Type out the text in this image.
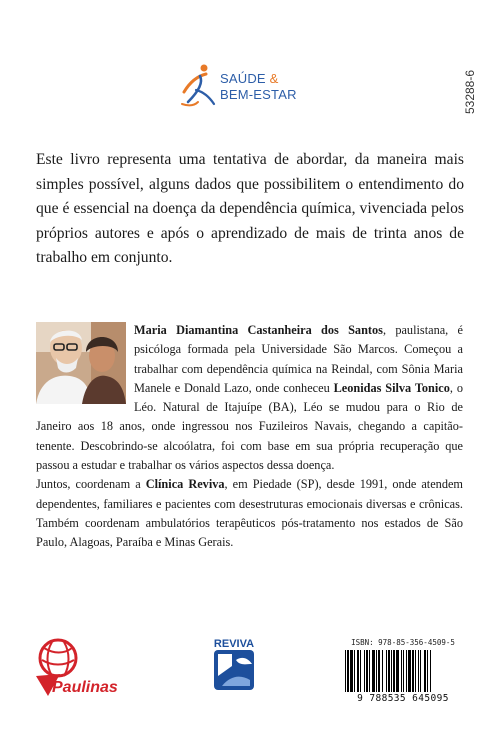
SAÚDE &
BEM-ESTAR	53288-6
Este livro representa uma tentativa de abordar, da maneira mais simples possível, alguns dados que possibilitem o entendimento do que é essencial na doença da dependência química, vivenciada pelos próprios autores e após o aprendizado de mais de trinta anos de trabalho em conjunto.

Maria Diamantina Castanheira dos Santos, paulistana, é psicóloga formada pela Universidade São Marcos. Começou a trabalhar com dependência química na Reindal, com Sônia Maria Manele e Donald Lazo, onde conheceu Leonidas Silva Tonico, o Léo. Natural de Itajuípe (BA), Léo se mudou para o Rio de Janeiro aos 18 anos, onde ingressou nos Fuzileiros Navais, chegando a capitão-tenente. Descobrindo-se alcoólatra, foi com base em sua própria recuperação que passou a estudar e trabalhar os vários aspectos dessa doença.

Juntos, coordenam a Clínica Reviva, em Piedade (SP), desde 1991, onde atendem dependentes, familiares e pacientes com desestruturas emocionais diversas e crônicas. Também coordenam ambulatórios terapêuticos pós-tratamento nos estados de São Paulo, Alagoas, Paraíba e Minas Gerais.

Paulinas
REVIVA	ISBN: 978-85-356-4509-5
9 788535 645095
